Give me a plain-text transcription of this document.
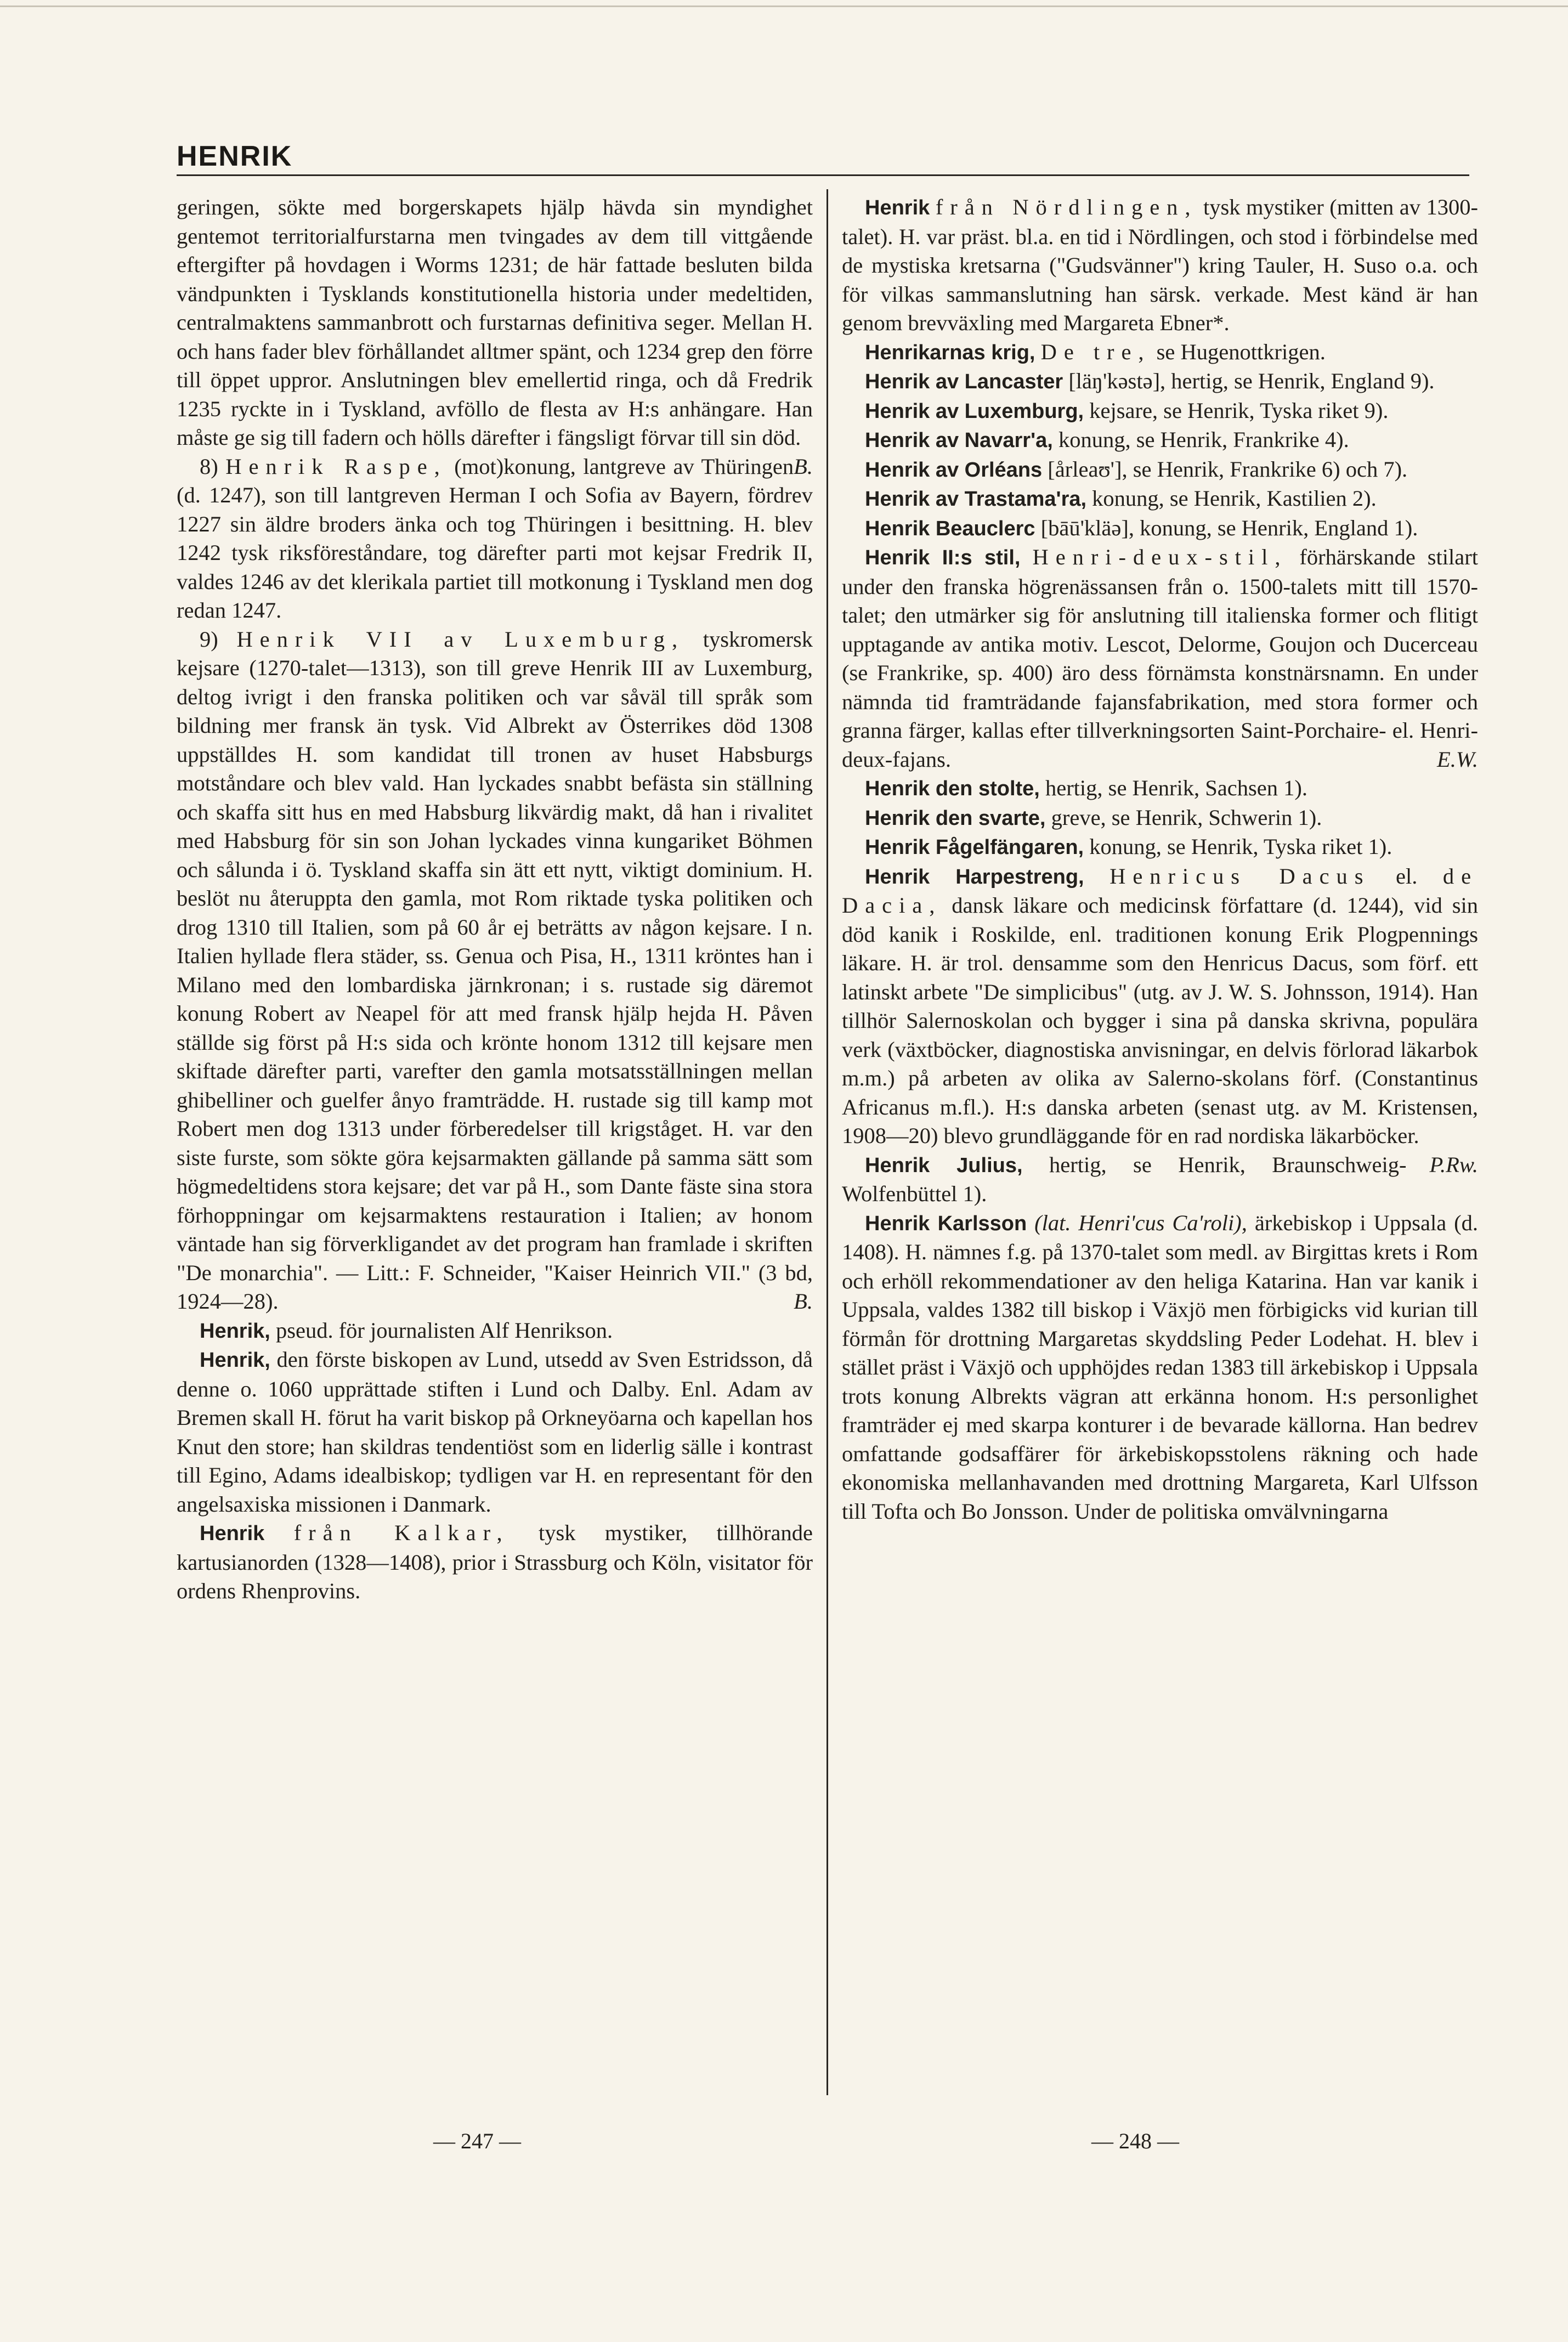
HENRIK

geringen, sökte med borgerskapets hjälp hävda sin myndighet gentemot territorialfurstarna men tvingades av dem till vittgående eftergifter på hovdagen i Worms 1231; de här fattade besluten bilda vändpunkten i Tysklands konstitutionella historia under medeltiden, centralmaktens sammanbrott och furstarnas definitiva seger. Mellan H. och hans fader blev förhållandet alltmer spänt, och 1234 grep den förre till öppet uppror. Anslutningen blev emellertid ringa, och då Fredrik 1235 ryckte in i Tyskland, avföllo de flesta av H:s anhängare. Han måste ge sig till fadern och hölls därefter i fängsligt förvar till sin död.
B.

8) Henrik Raspe, (mot)konung, lantgreve av Thüringen (d. 1247), son till lantgreven Herman I och Sofia av Bayern, fördrev 1227 sin äldre broders änka och tog Thüringen i besittning. H. blev 1242 tysk riksföreståndare, tog därefter parti mot kejsar Fredrik II, valdes 1246 av det klerikala partiet till motkonung i Tyskland men dog redan 1247.

9) Henrik VII av Luxemburg, tyskromersk kejsare (1270-talet—1313), son till greve Henrik III av Luxemburg, deltog ivrigt i den franska politiken och var såväl till språk som bildning mer fransk än tysk. Vid Albrekt av Österrikes död 1308 uppställdes H. som kandidat till tronen av huset Habsburgs motståndare och blev vald. Han lyckades snabbt befästa sin ställning och skaffa sitt hus en med Habsburg likvärdig makt, då han i rivalitet med Habsburg för sin son Johan lyckades vinna kungariket Böhmen och sålunda i ö. Tyskland skaffa sin ätt ett nytt, viktigt dominium. H. beslöt nu återuppta den gamla, mot Rom riktade tyska politiken och drog 1310 till Italien, som på 60 år ej beträtts av någon kejsare. I n. Italien hyllade flera städer, ss. Genua och Pisa, H., 1311 kröntes han i Milano med den lombardiska järnkronan; i s. rustade sig däremot konung Robert av Neapel för att med fransk hjälp hejda H. Påven ställde sig först på H:s sida och krönte honom 1312 till kejsare men skiftade därefter parti, varefter den gamla motsatsställningen mellan ghibelliner och guelfer ånyo framträdde. H. rustade sig till kamp mot Robert men dog 1313 under förberedelser till krigståget. H. var den siste furste, som sökte göra kejsarmakten gällande på samma sätt som högmedeltidens stora kejsare; det var på H., som Dante fäste sina stora förhoppningar om kejsarmaktens restauration i Italien; av honom väntade han sig förverkligandet av det program han framlade i skriften "De monarchia". — Litt.: F. Schneider, "Kaiser Heinrich VII." (3 bd, 1924—28).	B.

Henrik, pseud. för journalisten Alf Henrikson.

Henrik, den förste biskopen av Lund, utsedd av Sven Estridsson, då denne o. 1060 upprättade stiften i Lund och Dalby. Enl. Adam av Bremen skall H. förut ha varit biskop på Orkneyöarna och kapellan hos Knut den store; han skildras tendentiöst som en liderlig sälle i kontrast till Egino, Adams idealbiskop; tydligen var H. en representant för den angelsaxiska missionen i Danmark.

Henrik från Kalkar, tysk mystiker, tillhörande kartusianorden (1328—1408), prior i Strassburg och Köln, visitator för ordens Rhenprovins.

Henrik från Nördlingen, tysk mystiker (mitten av 1300-talet). H. var präst. bl.a. en tid i Nördlingen, och stod i förbindelse med de mystiska kretsarna ("Gudsvänner") kring Tauler, H. Suso o.a. och för vilkas sammanslutning han särsk. verkade. Mest känd är han genom brevväxling med Margareta Ebner*.

Henrikarnas krig, De tre, se Hugenottkrigen.

Henrik av Lancaster [läŋ'kəstə], hertig, se Henrik, England 9).

Henrik av Luxemburg, kejsare, se Henrik, Tyska riket 9).

Henrik av Navarr'a, konung, se Henrik, Frankrike 4).

Henrik av Orléans [årleaʊ'], se Henrik, Frankrike 6) och 7).

Henrik av Trastama'ra, konung, se Henrik, Kastilien 2).

Henrik Beauclerc [bāū'kläə], konung, se Henrik, England 1).

Henrik II:s stil, Henri-deux-stil, förhärskande stilart under den franska högrenässansen från o. 1500-talets mitt till 1570-talet; den utmärker sig för anslutning till italienska former och flitigt upptagande av antika motiv. Lescot, Delorme, Goujon och Ducerceau (se Frankrike, sp. 400) äro dess förnämsta konstnärsnamn. En under nämnda tid framträdande fajansfabrikation, med stora former och granna färger, kallas efter tillverkningsorten Saint-Porchaire- el. Henri-deux-fajans.	E.W.

Henrik den stolte, hertig, se Henrik, Sachsen 1).

Henrik den svarte, greve, se Henrik, Schwerin 1).

Henrik Fågelfängaren, konung, se Henrik, Tyska riket 1).

Henrik Harpestreng, Henricus Dacus el. de Dacia, dansk läkare och medicinsk författare (d. 1244), vid sin död kanik i Roskilde, enl. traditionen konung Erik Plogpennings läkare. H. är trol. densamme som den Henricus Dacus, som förf. ett latinskt arbete "De simplicibus" (utg. av J. W. S. Johnsson, 1914). Han tillhör Salernoskolan och bygger i sina på danska skrivna, populära verk (växtböcker, diagnostiska anvisningar, en delvis förlorad läkarbok m.m.) på arbeten av olika av Salerno-skolans förf. (Constantinus Africanus m.fl.). H:s danska arbeten (senast utg. av M. Kristensen, 1908—20) blevo grundläggande för en rad nordiska läkarböcker.
P.Rw.

Henrik Julius, hertig, se Henrik, Braunschweig-Wolfenbüttel 1).

Henrik Karlsson (lat. Henri'cus Ca'roli), ärkebiskop i Uppsala (d. 1408). H. nämnes f.g. på 1370-talet som medl. av Birgittas krets i Rom och erhöll rekommendationer av den heliga Katarina. Han var kanik i Uppsala, valdes 1382 till biskop i Växjö men förbigicks vid kurian till förmån för drottning Margaretas skyddsling Peder Lodehat. H. blev i stället präst i Växjö och upphöjdes redan 1383 till ärkebiskop i Uppsala trots konung Albrekts vägran att erkänna honom. H:s personlighet framträder ej med skarpa konturer i de bevarade källorna. Han bedrev omfattande godsaffärer för ärkebiskopsstolens räkning och hade ekonomiska mellanhavanden med drottning Margareta, Karl Ulfsson till Tofta och Bo Jonsson. Under de politiska omvälvningarna

— 247 —	— 248 —
